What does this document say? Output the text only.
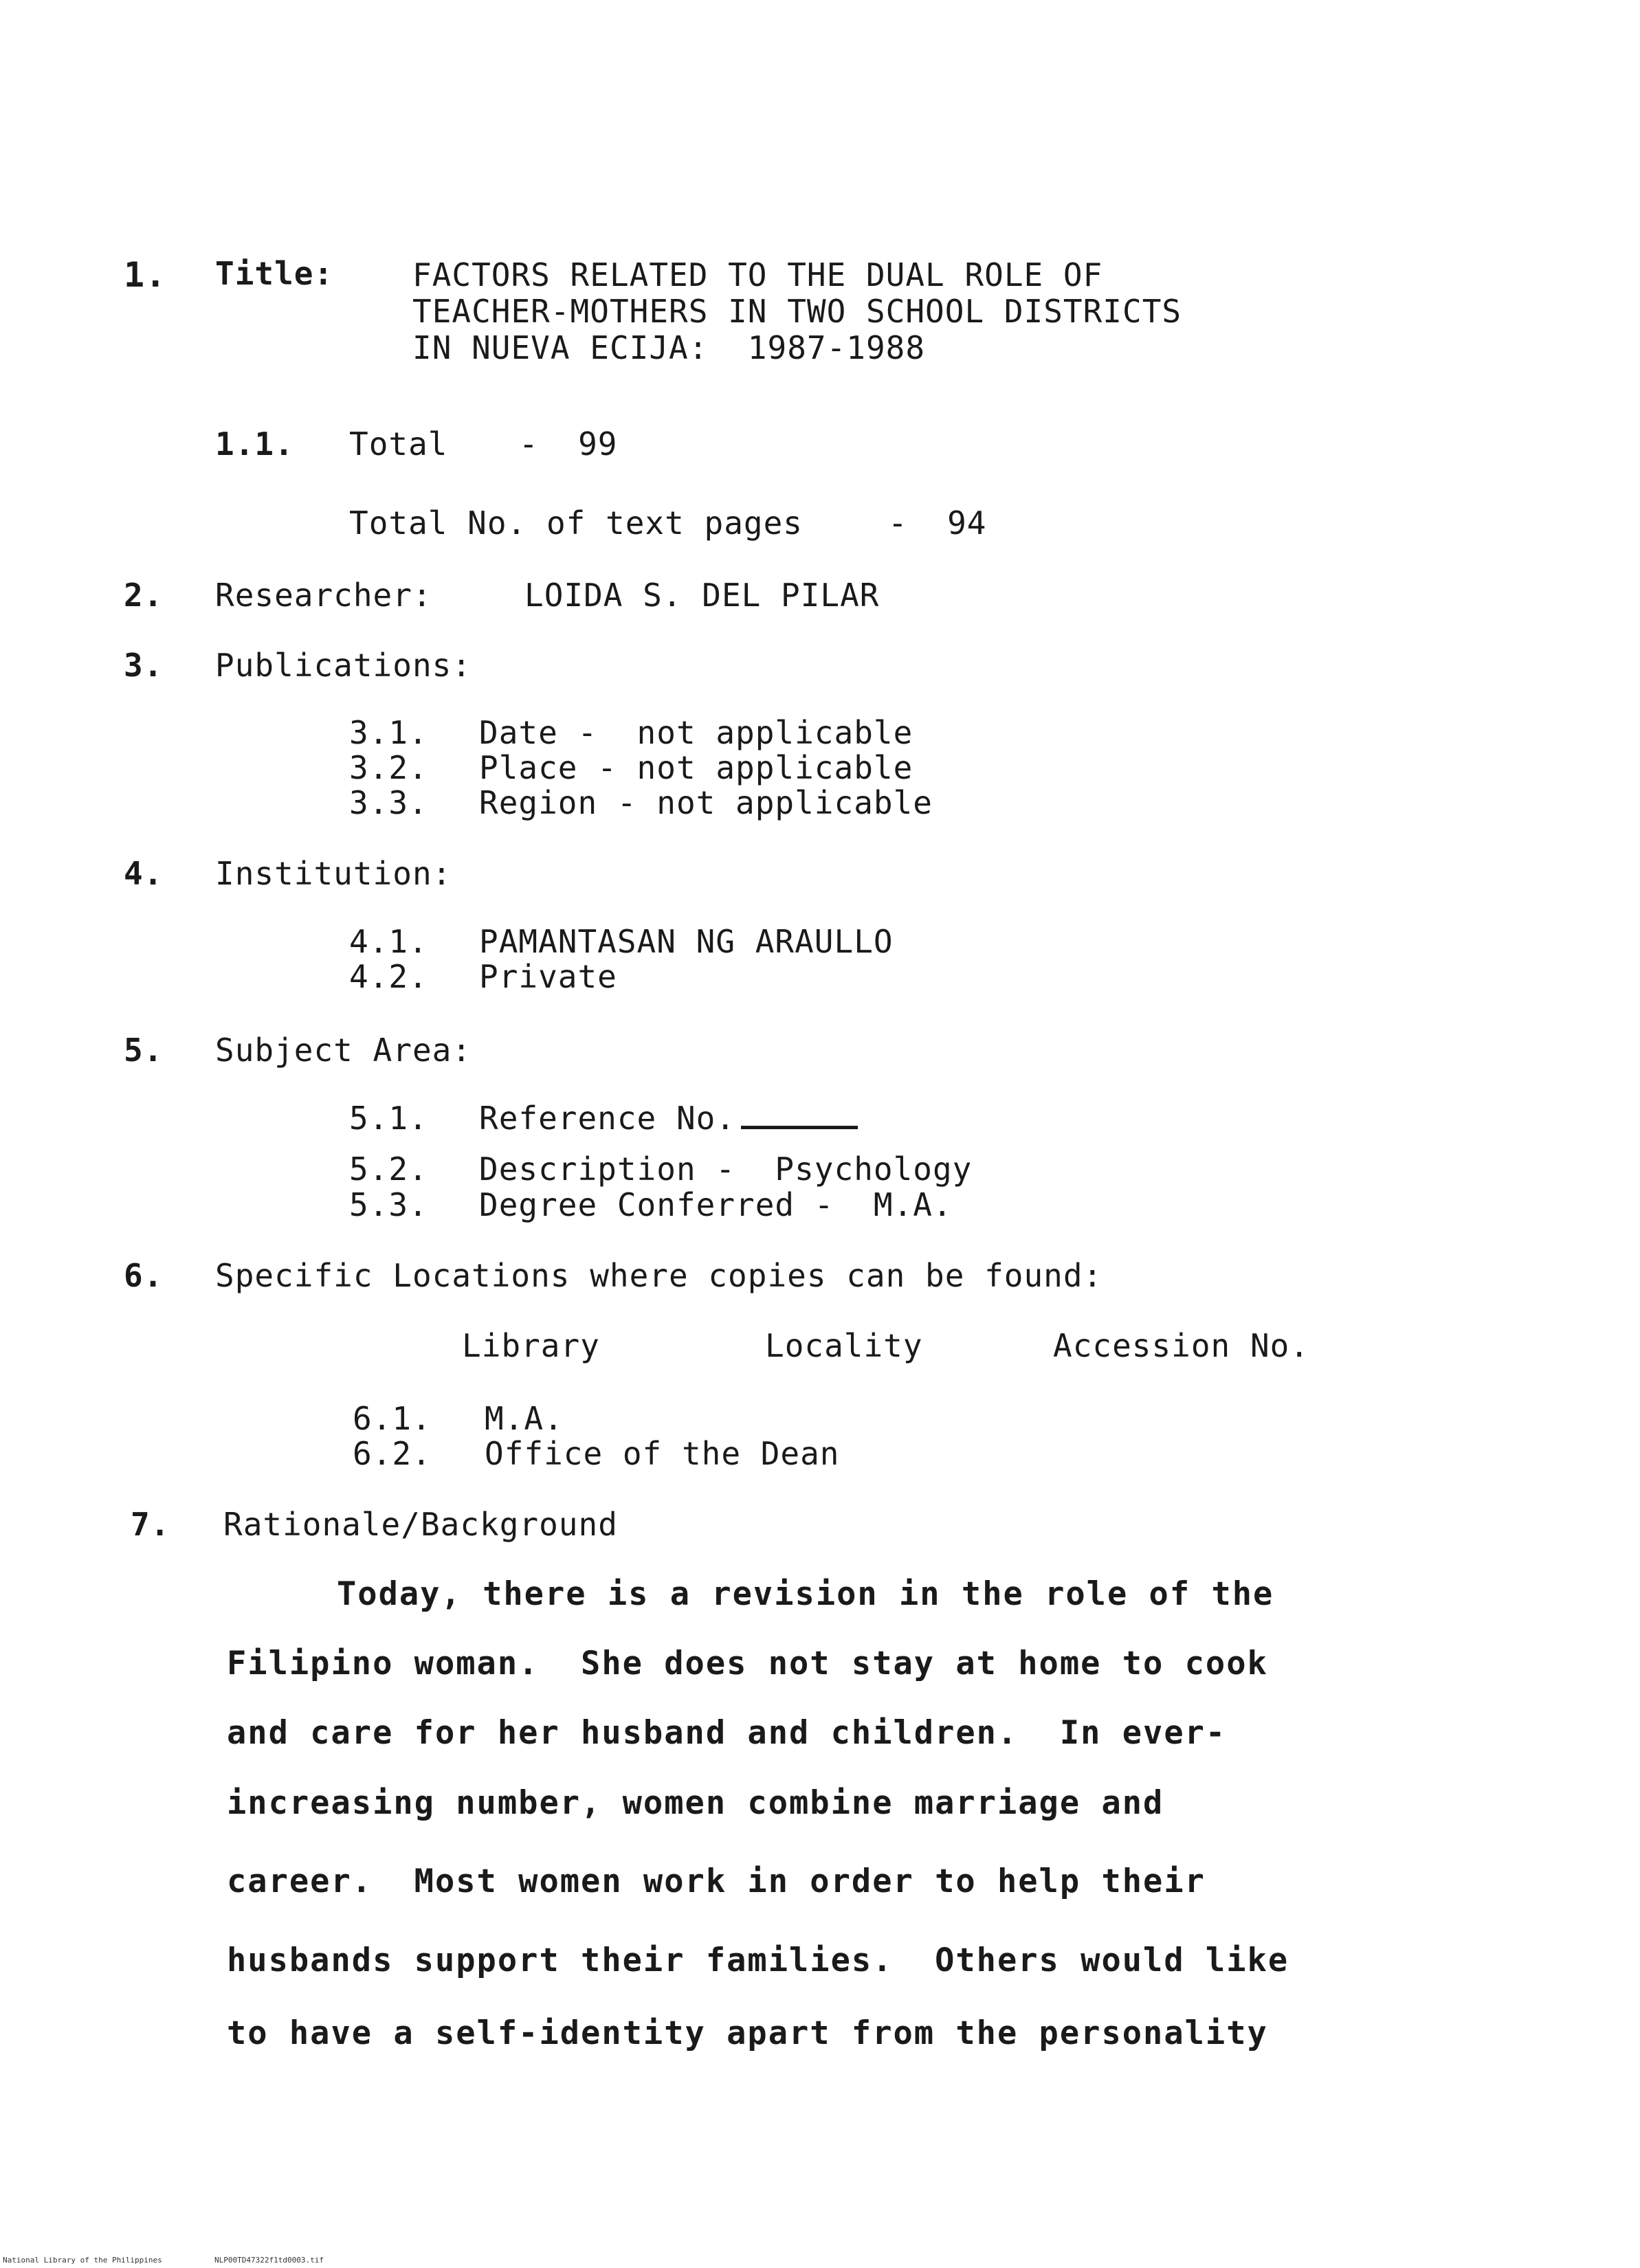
1. Title: FACTORS RELATED TO THE DUAL ROLE OF
TEACHER-MOTHERS IN TWO SCHOOL DISTRICTS
IN NUEVA ECIJA:  1987-1988
1.1. Total -  99
Total No. of text pages	-  94
2. Researcher:	LOIDA S. DEL PILAR
3. Publications:
3.1. Date -  not applicable
3.2. Place - not applicable
3.3. Region - not applicable
4. Institution:
4.1. PAMANTASAN NG ARAULLO
4.2. Private
5. Subject Area:
5.1. Reference No.
5.2. Description -  Psychology
5.3. Degree Conferred -  M.A.
6. Specific Locations where copies can be found:
Library	Locality	Accession No.
6.1. M.A.
6.2. Office of the Dean
7. Rationale/Background
Today, there is a revision in the role of the
Filipino woman.  She does not stay at home to cook
and care for her husband and children.  In ever-
increasing number, women combine marriage and
career.  Most women work in order to help their
husbands support their families.  Others would like
to have a self-identity apart from the personality
National Library of the Philippines	NLP00TD47322f1td0003.tif
